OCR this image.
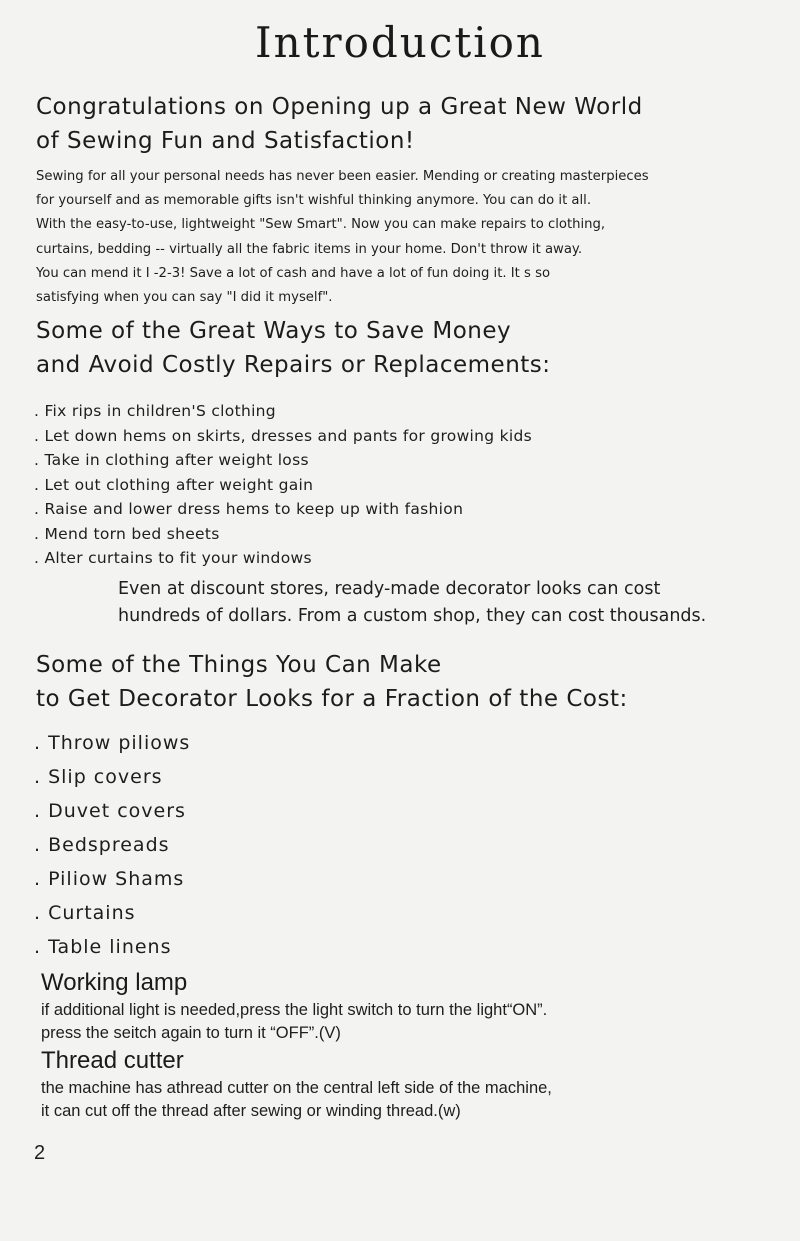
Introduction
Congratulations on Opening up a Great New World
of Sewing Fun and Satisfaction!
Sewing for all your personal needs has never been easier. Mending or creating masterpieces
for yourself and as memorable gifts isn't wishful thinking anymore. You can do it all.
With the easy-to-use, lightweight "Sew Smart". Now you can make repairs to clothing,
curtains, bedding -- virtually all the fabric items in your home. Don't throw it away.
You can mend it I -2-3! Save a lot of cash and have a lot of fun doing it. It s so
satisfying when you can say "I did it myself".
Some of the Great Ways to Save Money
and Avoid Costly Repairs or Replacements:
. Fix rips in children'S clothing
. Let down hems on skirts, dresses and pants for growing kids
. Take in clothing after weight loss
. Let out clothing after weight gain
. Raise and lower dress hems to keep up with fashion
. Mend torn bed sheets
. Alter curtains to fit your windows
Even at discount stores, ready-made decorator looks can cost
hundreds of dollars. From a custom shop, they can cost thousands.
Some of the Things You Can Make
to Get Decorator Looks for a Fraction of the Cost:
. Throw piliows
. Slip covers
. Duvet covers
. Bedspreads
. Piliow Shams
. Curtains
. Table linens
Working lamp
if additional light is needed,press the light switch to turn the light“ON”.
press the seitch again to turn it “OFF”.(V)
Thread cutter
the machine has athread cutter on the central left side of the machine,
it can cut off the thread after sewing or winding thread.(w)
2
